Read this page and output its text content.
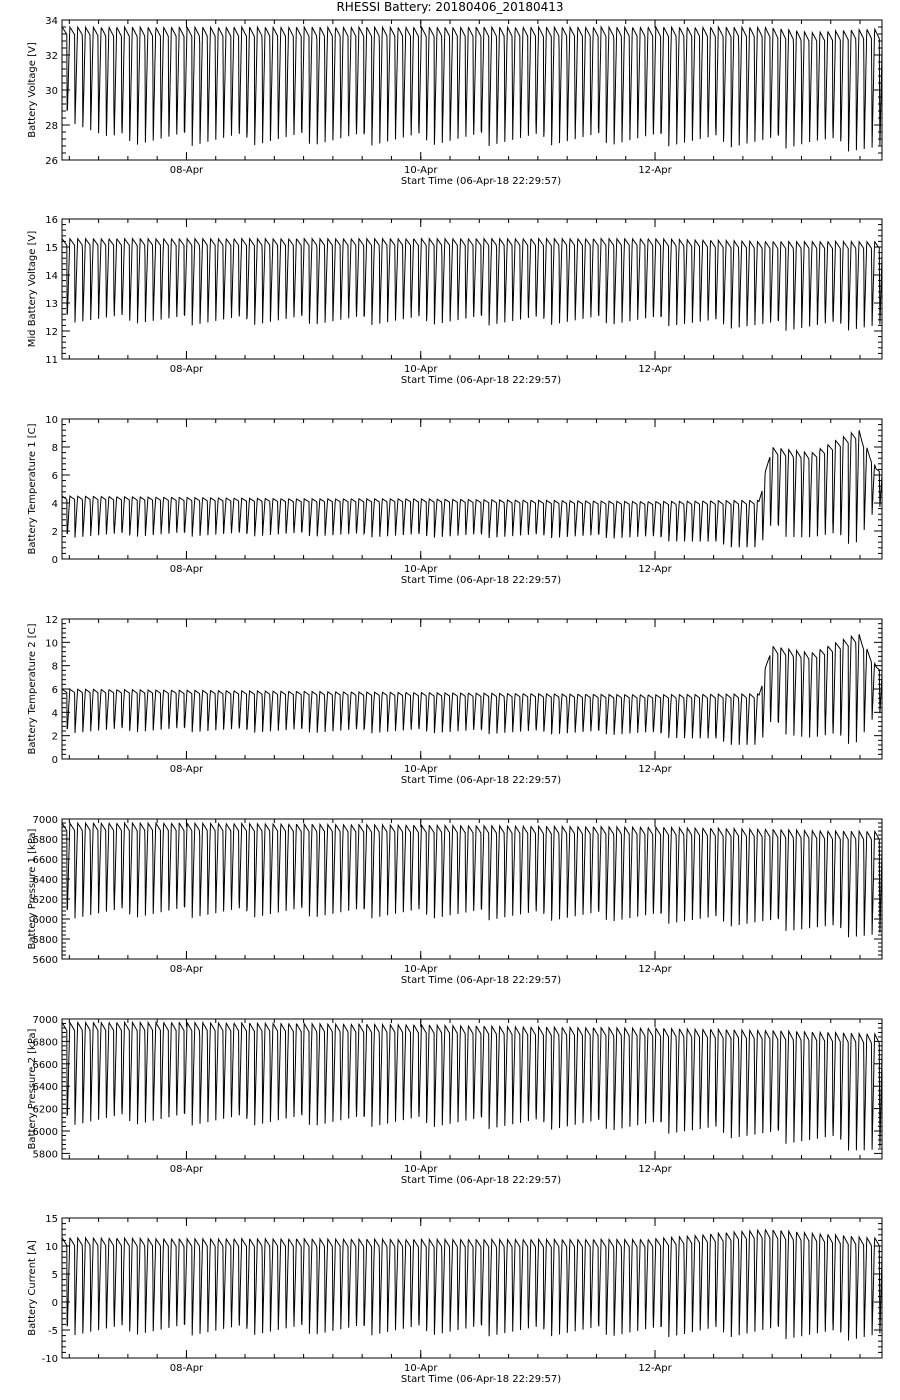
RHESSI Battery: 20180406_20180413
26
28
30
32
34
08-Apr	10-Apr	12-Apr
Start Time (06-Apr-18 22:29:57)
Battery Voltage [V]
11
12
13
14
15
16
08-Apr	10-Apr	12-Apr
Start Time (06-Apr-18 22:29:57)
Mid Battery Voltage [V]
0
2
4
6
8
10
08-Apr	10-Apr	12-Apr
Start Time (06-Apr-18 22:29:57)
Battery Temperature 1 [C]
0
2
4
6
8
10
12
08-Apr	10-Apr	12-Apr
Start Time (06-Apr-18 22:29:57)
Battery Temperature 2 [C]
5600
5800
6000
6200
6400
6600
6800
7000
08-Apr	10-Apr	12-Apr
Start Time (06-Apr-18 22:29:57)
Battery Pressure 1 [kPa]
5800
6000
6200
6400
6600
6800
7000
08-Apr	10-Apr	12-Apr
Start Time (06-Apr-18 22:29:57)
Battery Pressure 2 [kPa]
-10
-5
0
5
10
15
08-Apr	10-Apr	12-Apr
Start Time (06-Apr-18 22:29:57)
Battery Current [A]
